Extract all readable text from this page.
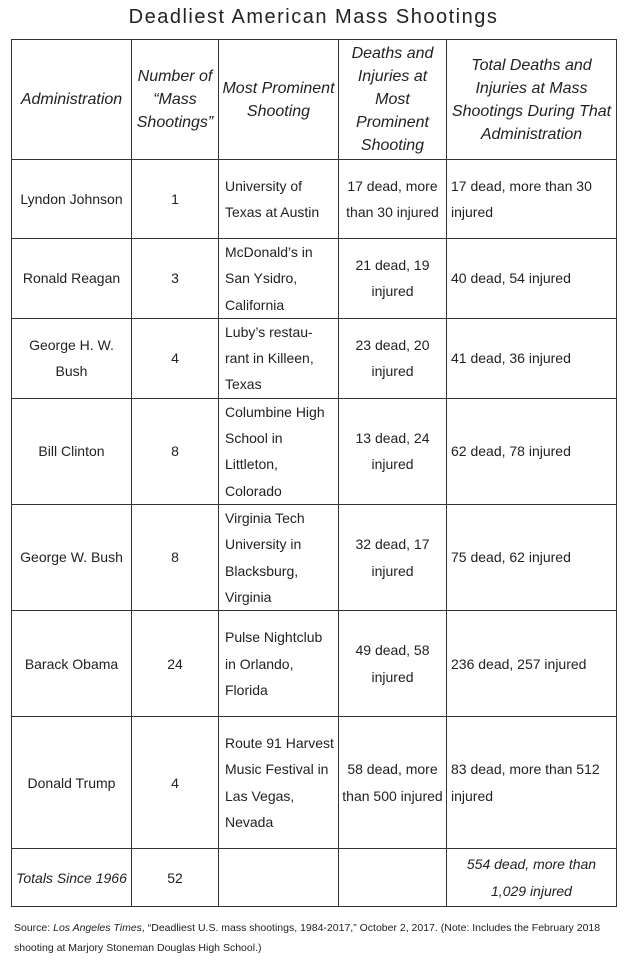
Deadliest American Mass Shootings
Administration	Number of “Mass Shootings”	Most Prominent Shooting	Deaths and Injuries at Most Prominent Shooting	Total Deaths and Injuries at Mass Shootings During That Administration
Lyndon Johnson	1	University of Texas at Austin	17 dead, more than 30 injured	17 dead, more than 30 injured
Ronald Reagan	3	McDonald’s in San Ysidro, California	21 dead, 19 injured	40 dead, 54 injured
George H. W. Bush	4	Luby’s restau-rant in Killeen, Texas	23 dead, 20 injured	41 dead, 36 injured
Bill Clinton	8	Columbine High School in Littleton, Colorado	13 dead, 24 injured	62 dead, 78 injured
George W. Bush	8	Virginia Tech University in Blacksburg, Virginia	32 dead, 17 injured	75 dead, 62 injured
Barack Obama	24	Pulse Nightclub in Orlando, Florida	49 dead, 58 injured	236 dead, 257 injured
Donald Trump	4	Route 91 Harvest Music Festival in Las Vegas, Nevada	58 dead, more than 500 injured	83 dead, more than 512 injured
Totals Since 1966	52			554 dead, more than 1,029 injured
Source: Los Angeles Times, “Deadliest U.S. mass shootings, 1984-2017,” October 2, 2017. (Note: Includes the February 2018 shooting at Marjory Stoneman Douglas High School.)
